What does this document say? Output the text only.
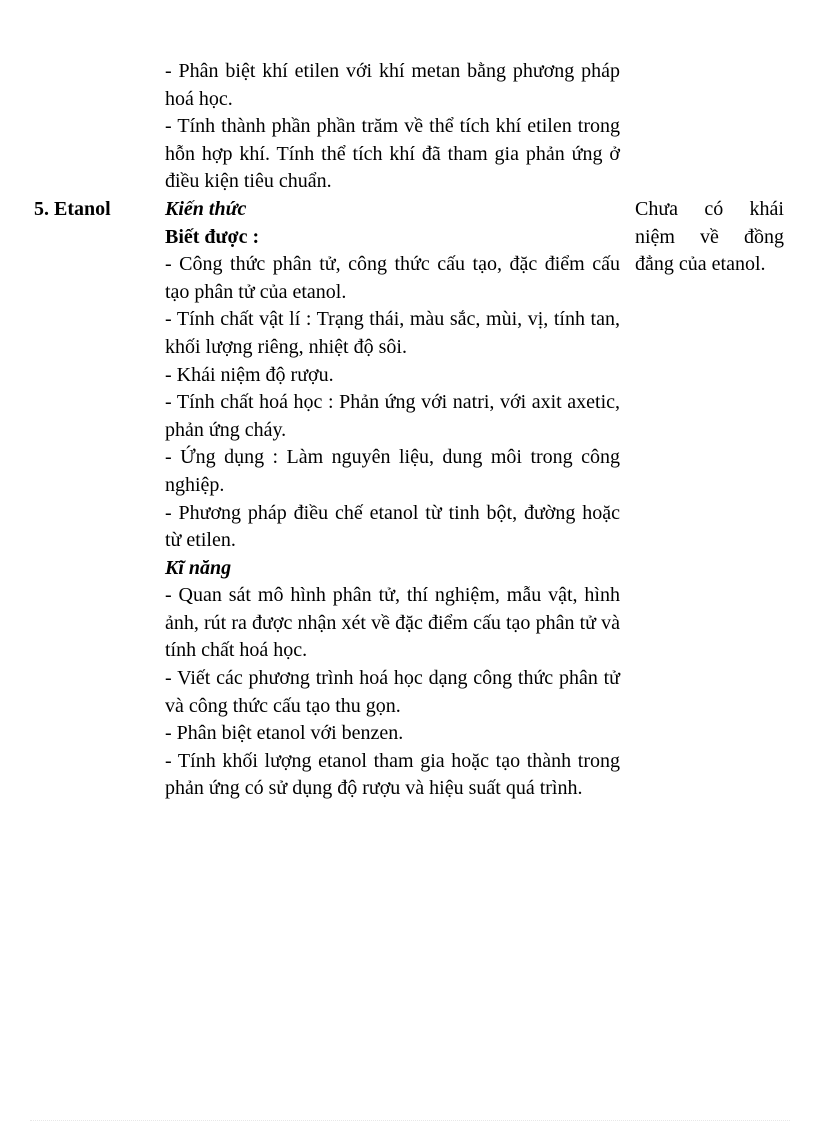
5. Etanol

- Phân biệt khí etilen với khí metan bằng phương pháp hoá học.

- Tính thành phần phần trăm về thể tích khí etilen trong hỗn hợp khí. Tính thể tích khí đã tham gia phản ứng ở điều kiện tiêu chuẩn.

Kiến thức

Biết được :

- Công thức phân tử, công thức cấu tạo, đặc điểm cấu tạo phân tử của etanol.

- Tính chất vật lí : Trạng thái, màu sắc, mùi, vị, tính tan, khối lượng riêng, nhiệt độ sôi.

- Khái niệm độ rượu.

- Tính chất hoá học : Phản ứng với natri, với axit axetic, phản ứng cháy.

- Ứng dụng : Làm nguyên liệu, dung môi trong công nghiệp.

- Phương pháp điều chế etanol từ tinh bột, đường hoặc từ etilen.

Kĩ năng

- Quan sát mô hình phân tử, thí nghiệm, mẫu vật, hình ảnh, rút ra được nhận xét về đặc điểm cấu tạo phân tử và tính chất hoá học.

- Viết các phương trình hoá học dạng công thức phân tử và công thức cấu tạo thu gọn.

- Phân biệt etanol với benzen.

- Tính khối lượng etanol tham gia hoặc tạo thành trong phản ứng có sử dụng độ rượu và hiệu suất quá trình.

Chưa có khái niệm về đồng đẳng của etanol.
